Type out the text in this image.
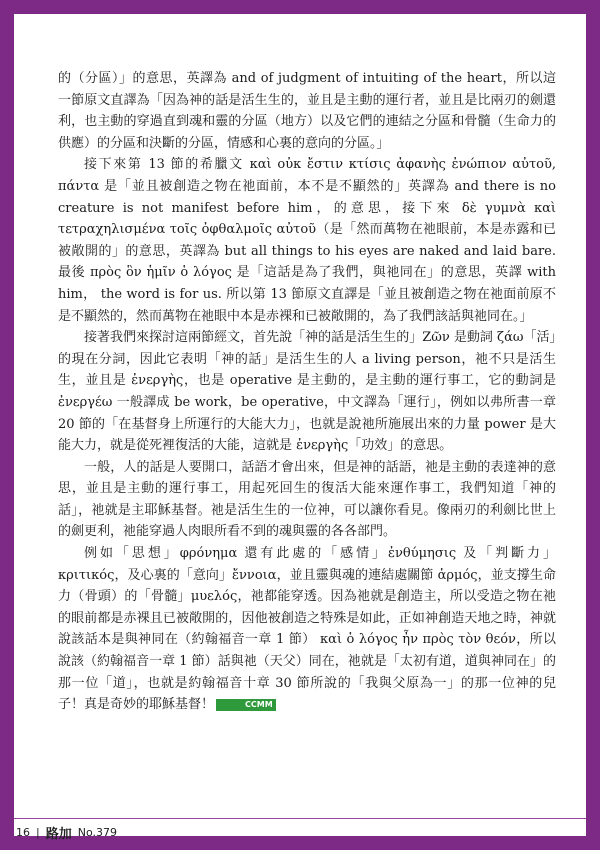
的（分區）」的意思，英譯為 and of judgment of intuiting of the heart，所以這一節原文直譯為「因為神的話是活生生的，並且是主動的運行者，並且是比兩刃的劍還利，也主動的穿過直到魂和靈的分區（地方）以及它們的連結之分區和骨髓（生命力的供應）的分區和決斷的分區，情感和心裏的意向的分區。」

接下來第 13 節的希臘文 καὶ οὐκ ἔστιν κτίσις ἀφανὴς ἐνώπιον αὐτοῦ, πάντα 是「並且被創造之物在祂面前，本不是不顯然的」英譯為 and there is no creature is not manifest before him，的意思，接下來 δὲ γυμνὰ καὶ τετραχηλισμένα τοῖς ὀφθαλμοῖς αὐτοῦ（是「然而萬物在祂眼前，本是赤露和已被敞開的」的意思，英譯為 but all things to his eyes are naked and laid bare. 最後 πρὸς ὃν ἡμῖν ὁ λόγος 是「這話是為了我們，與祂同在」的意思，英譯 with him， the word is for us. 所以第 13 節原文直譯是「並且被創造之物在祂面前原不是不顯然的，然而萬物在祂眼中本是赤裸和已被敞開的，為了我們該話與祂同在。」

接著我們來探討這兩節經文，首先說「神的話是活生生的」Ζῶν 是動詞 ζάω「活」的現在分詞，因此它表明「神的話」是活生生的人 a living person，祂不只是活生生，並且是 ἐνεργὴς，也是 operative 是主動的，是主動的運行事工，它的動詞是 ἐνεργέω 一般譯成 be work，be operative，中文譯為「運行」，例如以弗所書一章 20 節的「在基督身上所運行的大能大力」，也就是說祂所施展出來的力量 power 是大能大力，就是從死裡復活的大能，這就是 ἐνεργὴς「功效」的意思。

一般，人的話是人要開口，話語才會出來，但是神的話語，祂是主動的表達神的意思，並且是主動的運行事工，用起死回生的復活大能來運作事工，我們知道「神的話」，祂就是主耶穌基督。祂是活生生的一位神，可以讓你看見。像兩刃的利劍比世上的劍更利，祂能穿過人肉眼所看不到的魂與靈的各各部門。

例如「思想」φρόνημα 還有此處的「感情」ἐνθύμησις 及「判斷力」κριτικός，及心裏的「意向」ἔννοια，並且靈與魂的連結處關節 ἁρμός，並支撐生命力（骨頭）的「骨髓」μυελός，祂都能穿透。因為祂就是創造主，所以受造之物在祂的眼前都是赤裸且已被敞開的，因他被創造之特殊是如此，正如神創造天地之時，神就說該話本是與神同在（約翰福音一章 1 節） καὶ ὁ λόγος ἦν πρὸς τὸν θεόν，所以說該（約翰福音一章 1 節）話與祂（天父）同在，祂就是「太初有道，道與神同在」的那一位「道」，也就是約翰福音十章 30 節所說的「我與父原為一」的那一位神的兒子！真是奇妙的耶穌基督！	CCMM

16 | 路加 No.379
